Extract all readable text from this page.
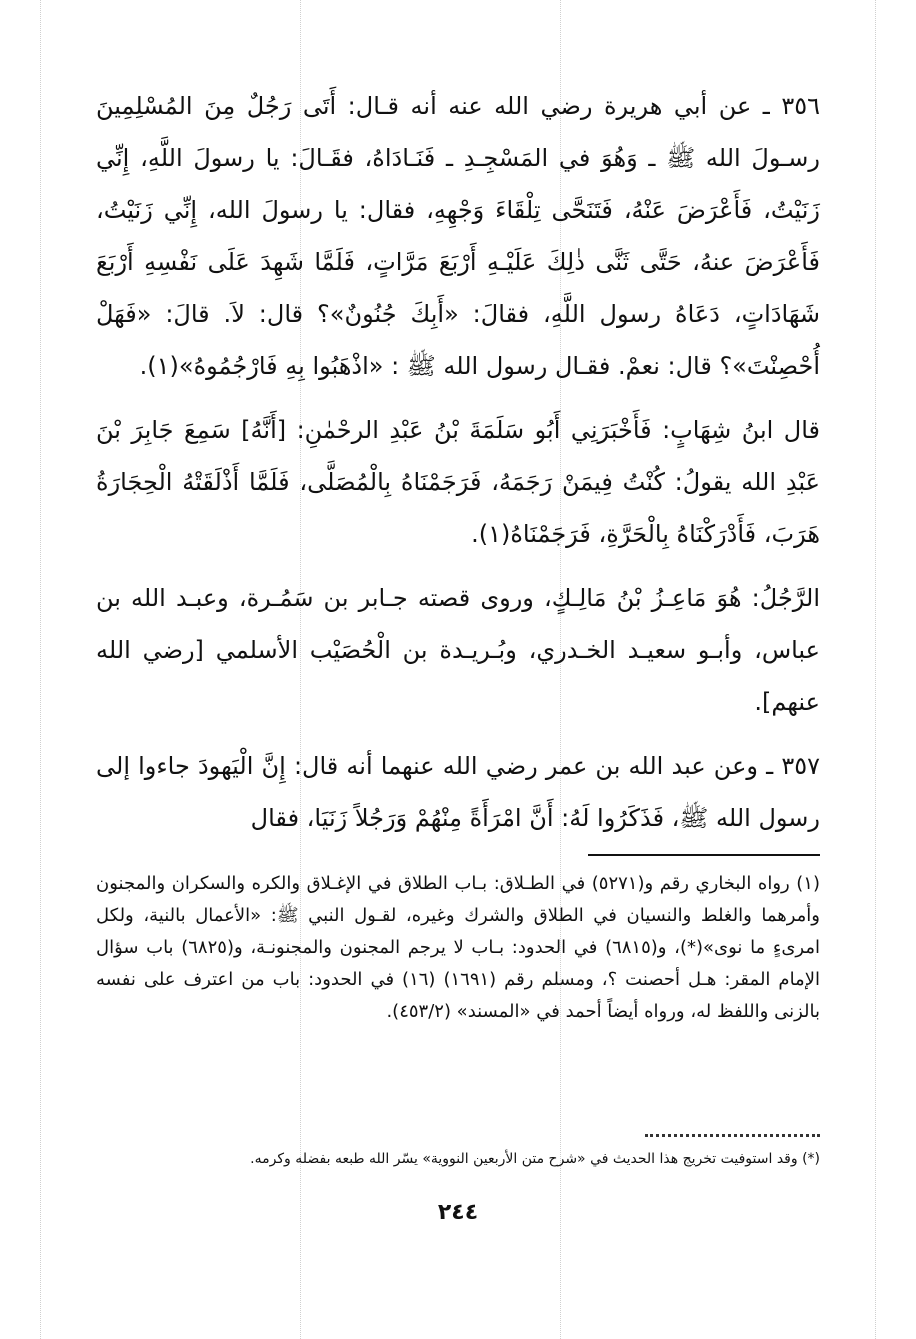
٣٥٦ ـ عن أبي هريرة رضي الله عنه أنه قـال: أَتَى رَجُلٌ مِنَ المُسْلِمِينَ رسـولَ الله ﷺ ـ وَهُوَ في المَسْجِـدِ ـ فَنَـادَاهُ، فقَـالَ: يا رسولَ اللَّهِ، إِنِّي زَنَيْتُ، فَأَعْرَضَ عَنْهُ، فَتَنَحَّى تِلْقَاءَ وَجْهِهِ، فقال: يا رسولَ الله، إِنِّي زَنَيْتُ، فَأَعْرَضَ عنهُ، حَتَّى ثَنَّى ذٰلِكَ عَلَيْـهِ أَرْبَعَ مَرَّاتٍ، فَلَمَّا شَهِدَ عَلَى نَفْسِهِ أَرْبَعَ شَهَادَاتٍ، دَعَاهُ رسول اللَّهِ، فقالَ: «أَبِكَ جُنُونٌ»؟ قال: لاَ. قالَ: «فَهَلْ أُحْصِنْتَ»؟ قال: نعمْ. فقـال رسول الله ﷺ : «اذْهَبُوا بِهِ فَارْجُمُوهُ»(١).

قال ابنُ شِهَابٍ: فَأَخْبَرَنِي أَبُو سَلَمَةَ بْنُ عَبْدِ الرحْمٰنِ: [أَنَّهُ] سَمِعَ جَابِرَ بْنَ عَبْدِ الله يقولُ: كُنْتُ فِيمَنْ رَجَمَهُ، فَرَجَمْنَاهُ بِالْمُصَلَّى، فَلَمَّا أَذْلَقَتْهُ الْحِجَارَةُ هَرَبَ، فَأَدْرَكْنَاهُ بِالْحَرَّةِ، فَرَجَمْنَاهُ(١).

الرَّجُلُ: هُوَ مَاعِـزُ بْنُ مَالِـكٍ، وروى قصته جـابر بن سَمُـرة، وعبـد الله بن عباس، وأبـو سعيـد الخـدري، وبُـريـدة بن الْحُصَيْب الأسلمي [رضي الله عنهم].

٣٥٧ ـ وعن عبد الله بن عمر رضي الله عنهما أنه قال: إِنَّ الْيَهودَ جاءوا إلى رسول الله ﷺ، فَذَكَرُوا لَهُ: أَنَّ امْرَأَةً مِنْهُمْ وَرَجُلاً زَنَيَا، فقال

(١) رواه البخاري رقم و(٥٢٧١) في الطـلاق: بـاب الطلاق في الإغـلاق والكره والسكران والمجنون وأمرهما والغلط والنسيان في الطلاق والشرك وغيره، لقـول النبي ﷺ: «الأعمال بالنية، ولكل امرىءٍ ما نوى»(*)، و(٦٨١٥) في الحدود: بـاب لا يرجم المجنون والمجنونـة، و(٦٨٢٥) باب سؤال الإمام المقر: هـل أحصنت ؟، ومسلم رقم (١٦٩١) (١٦) في الحدود: باب من اعترف على نفسه بالزنى واللفظ له، ورواه أيضاً أحمد في «المسند» (٤٥٣/٢).

(*) وقد استوفيت تخريج هذا الحديث في «شرح متن الأربعين النووية» يسّر الله طبعه بفضله وكرمه.

٢٤٤
